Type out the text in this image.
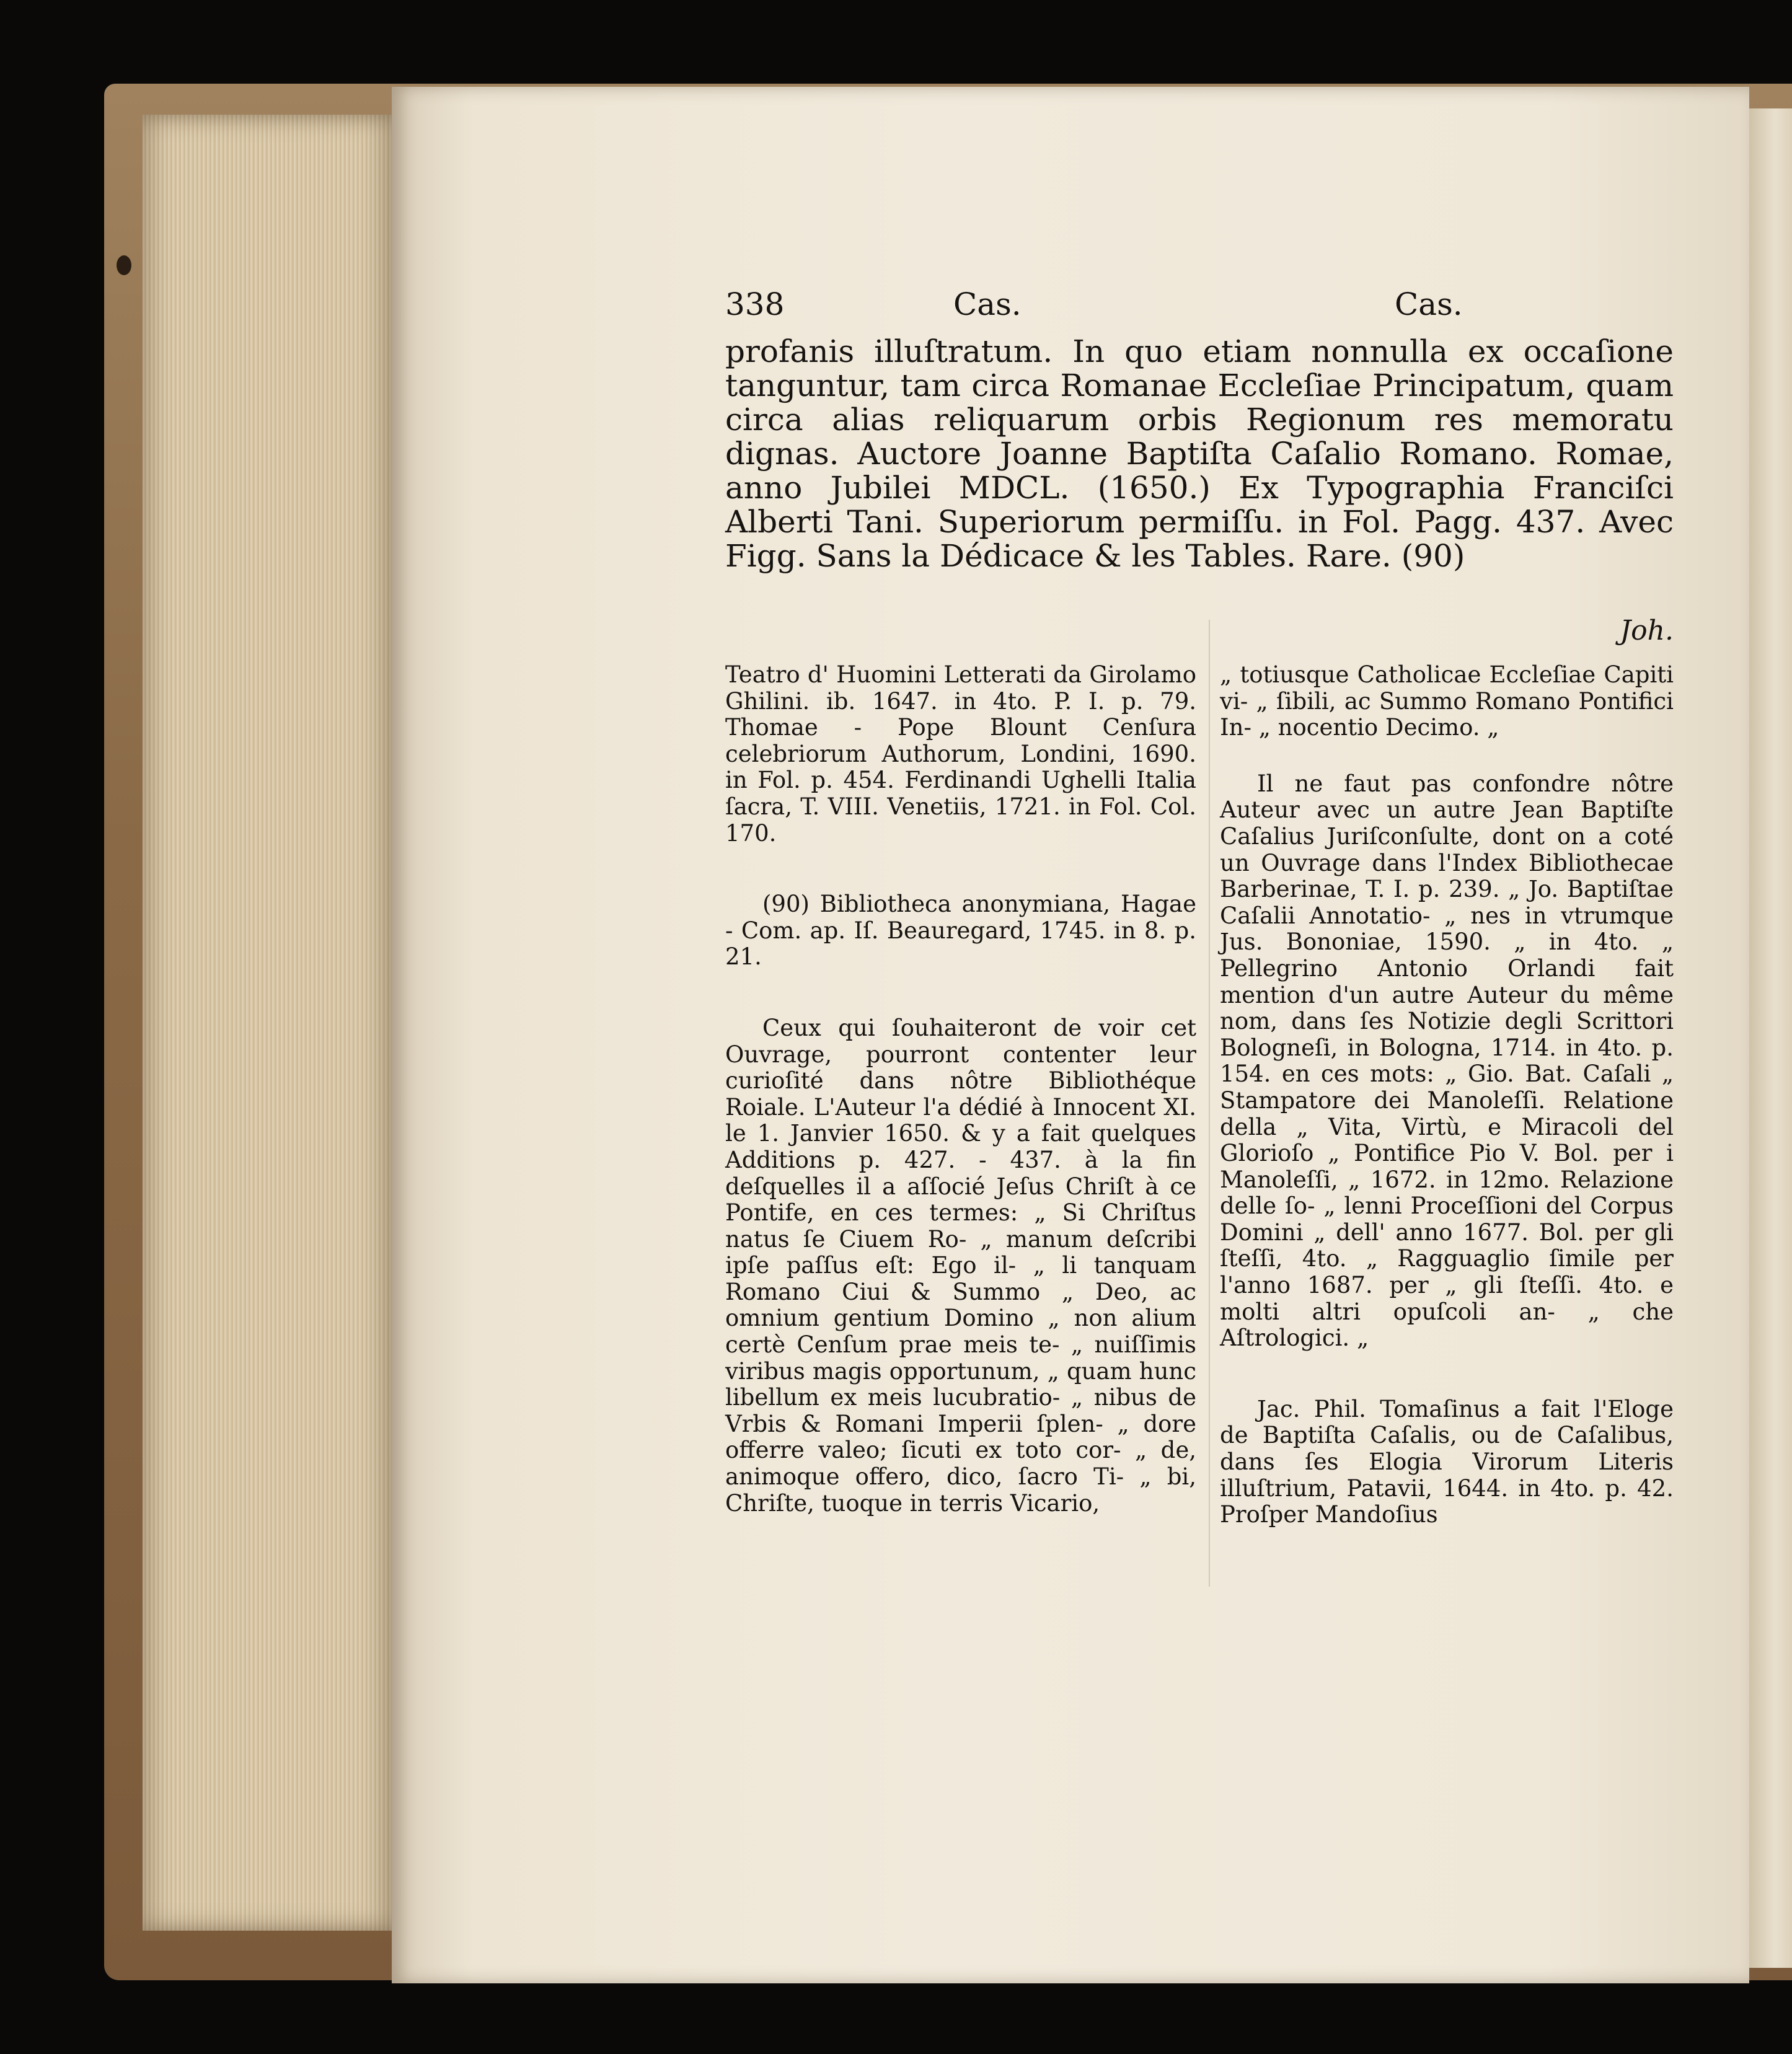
338	Cas.	Cas.
profanis illuſtratum. In quo etiam nonnulla ex occaſione tanguntur, tam circa Romanae Eccleſiae Principatum, quam circa alias reliquarum orbis Regionum res memoratu dignas. Auctore Joanne Baptiſta Caſalio Romano. Romae, anno Jubilei MDCL. (1650.) Ex Typographia Franciſci Alberti Tani. Superiorum permiſſu. in Fol. Pagg. 437. Avec Figg. Sans la Dédicace & les Tables. Rare. (90)
Joh.

Teatro d' Huomini Letterati da Girolamo Ghilini. ib. 1647. in 4to. P. I. p. 79. Thomae - Pope Blount Cenſura celebriorum Authorum, Londini, 1690. in Fol. p. 454. Ferdinandi Ughelli Italia ſacra, T. VIII. Venetiis, 1721. in Fol. Col. 170.

(90) Bibliotheca anonymiana, Hagae - Com. ap. Iſ. Beauregard, 1745. in 8. p. 21.

Ceux qui ſouhaiteront de voir cet Ouvrage, pourront contenter leur curioſité dans nôtre Bibliothéque Roiale. L'Auteur l'a dédié à Innocent XI. le 1. Janvier 1650. & y a fait quelques Additions p. 427. - 437. à la fin deſquelles il a aſſocié Jeſus Chriſt à ce Pontife, en ces termes: „ Si Chriſtus natus ſe Ciuem Ro- „ manum deſcribi ipſe paſſus eſt: Ego il- „ li tanquam Romano Ciui & Summo „ Deo, ac omnium gentium Domino „ non alium certè Cenſum prae meis te- „ nuiſſimis viribus magis opportunum, „ quam hunc libellum ex meis lucubratio- „ nibus de Vrbis & Romani Imperii ſplen- „ dore offerre valeo; ſicuti ex toto cor- „ de, animoque offero, dico, ſacro Ti- „ bi, Chriſte, tuoque in terris Vicario,

„ totiusque Catholicae Eccleſiae Capiti vi- „ ſibili, ac Summo Romano Pontifici In- „ nocentio Decimo. „

Il ne faut pas confondre nôtre Auteur avec un autre Jean Baptiſte Caſalius Juriſconſulte, dont on a coté un Ouvrage dans l'Index Bibliothecae Barberinae, T. I. p. 239. „ Jo. Baptiſtae Caſalii Annotatio- „ nes in vtrumque Jus. Bononiae, 1590. „ in 4to. „ Pellegrino Antonio Orlandi fait mention d'un autre Auteur du même nom, dans ſes Notizie degli Scrittori Bologneſi, in Bologna, 1714. in 4to. p. 154. en ces mots: „ Gio. Bat. Caſali „ Stampatore dei Manoleſſi. Relatione della „ Vita, Virtù, e Miracoli del Glorioſo „ Pontifice Pio V. Bol. per i Manoleſſi, „ 1672. in 12mo. Relazione delle ſo- „ lenni Proceſſioni del Corpus Domini „ dell' anno 1677. Bol. per gli ſteſſi, 4to. „ Ragguaglio ſimile per l'anno 1687. per „ gli ſteſſi. 4to. e molti altri opuſcoli an- „ che Aſtrologici. „

Jac. Phil. Tomaſinus a fait l'Eloge de Baptiſta Caſalis, ou de Caſalibus, dans ſes Elogia Virorum Literis illuſtrium, Patavii, 1644. in 4to. p. 42. Proſper Mandoſius
